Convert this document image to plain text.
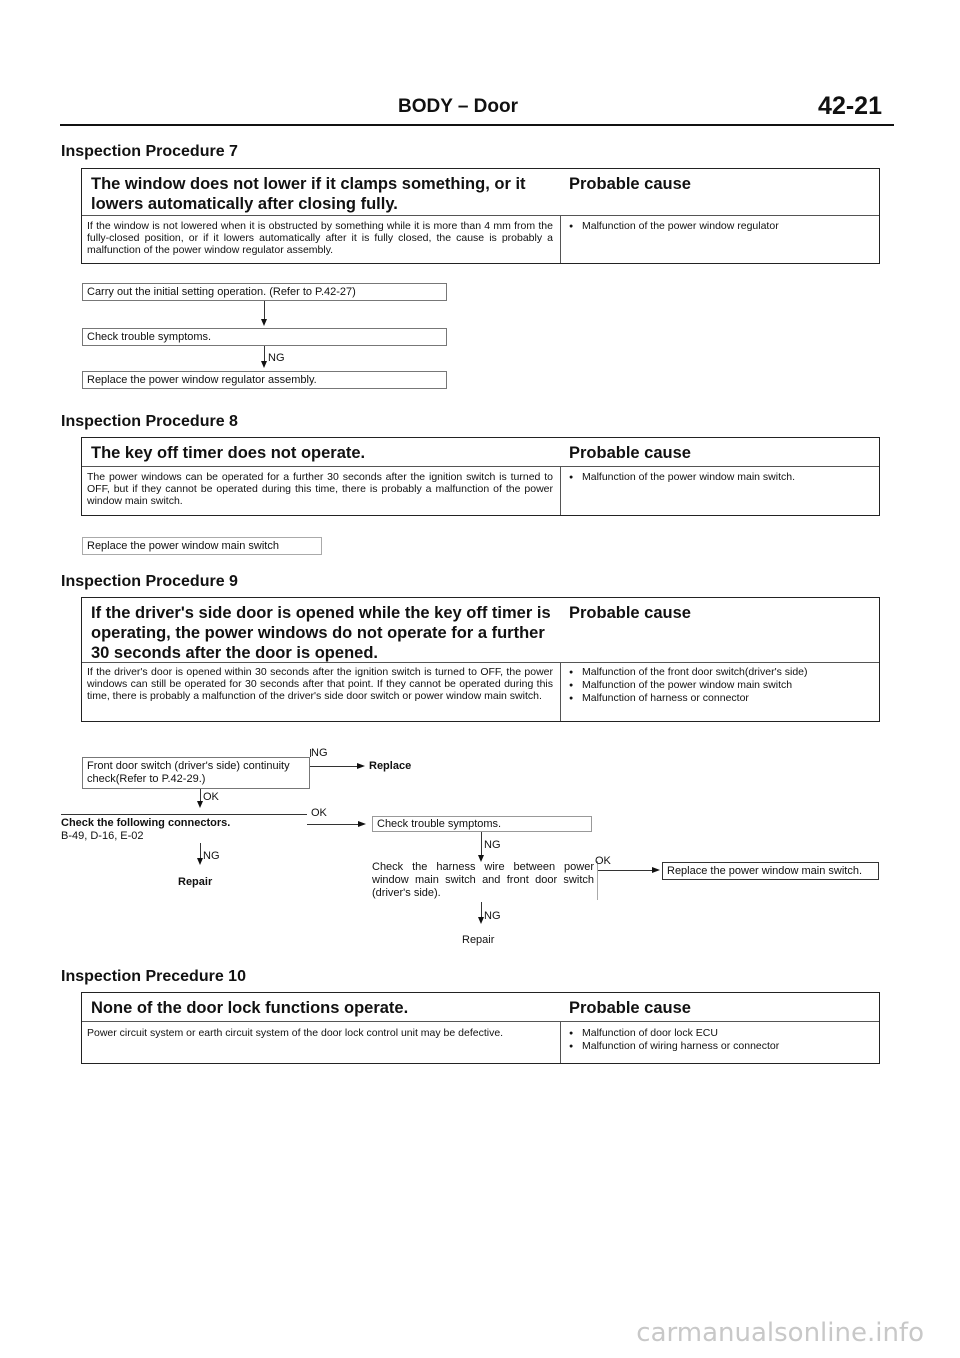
BODY – Door	42-21
Inspection Procedure 7
The window does not lower if it clamps something, or it lowers automatically after closing fully.
Probable cause
If the window is not lowered when it is obstructed by something while it is more than 4 mm from the fully-closed position, or if it lowers automatically after it is fully closed, the cause is probably a malfunction of the power window regulator assembly.
● Malfunction of the power window regulator
Carry out the initial setting operation. (Refer to P.42-27)
Check trouble symptoms.
NG
Replace the power window regulator assembly.
Inspection Procedure 8
The key off timer does not operate.	Probable cause
The power windows can be operated for a further 30 seconds after the ignition switch is turned to OFF, but if they cannot be operated during this time, there is probably a malfunction of the power window main switch.
● Malfunction of the power window main switch.
Replace the power window main switch
Inspection Procedure 9
If the driver's side door is opened while the key off timer is operating, the power windows do not operate for a further 30 seconds after the door is opened.
Probable cause
If the driver's door is opened within 30 seconds after the ignition switch is turned to OFF, the power windows can still be operated for 30 seconds after that point. If they cannot be operated during this time, there is probably a malfunction of the driver's side door switch or power window main switch.
● Malfunction of the front door switch(driver's side)
● Malfunction of the power window main switch
● Malfunction of harness or connector
Front door switch (driver's side) continuity check(Refer to P.42-29.)
NG
Replace
OK
Check the following connectors.
B-49, D-16, E-02
OK
Check trouble symptoms.
NG
Repair
NG
Check the harness wire between power window main switch and front door switch (driver's side).
OK
Replace the power window main switch.
NG
Repair
Inspection Precedure 10
None of the door lock functions operate.	Probable cause
Power circuit system or earth circuit system of the door lock control unit may be defective.
●	Malfunction of door lock ECU
● Malfunction of wiring harness or connector
carmanualsonline.info
